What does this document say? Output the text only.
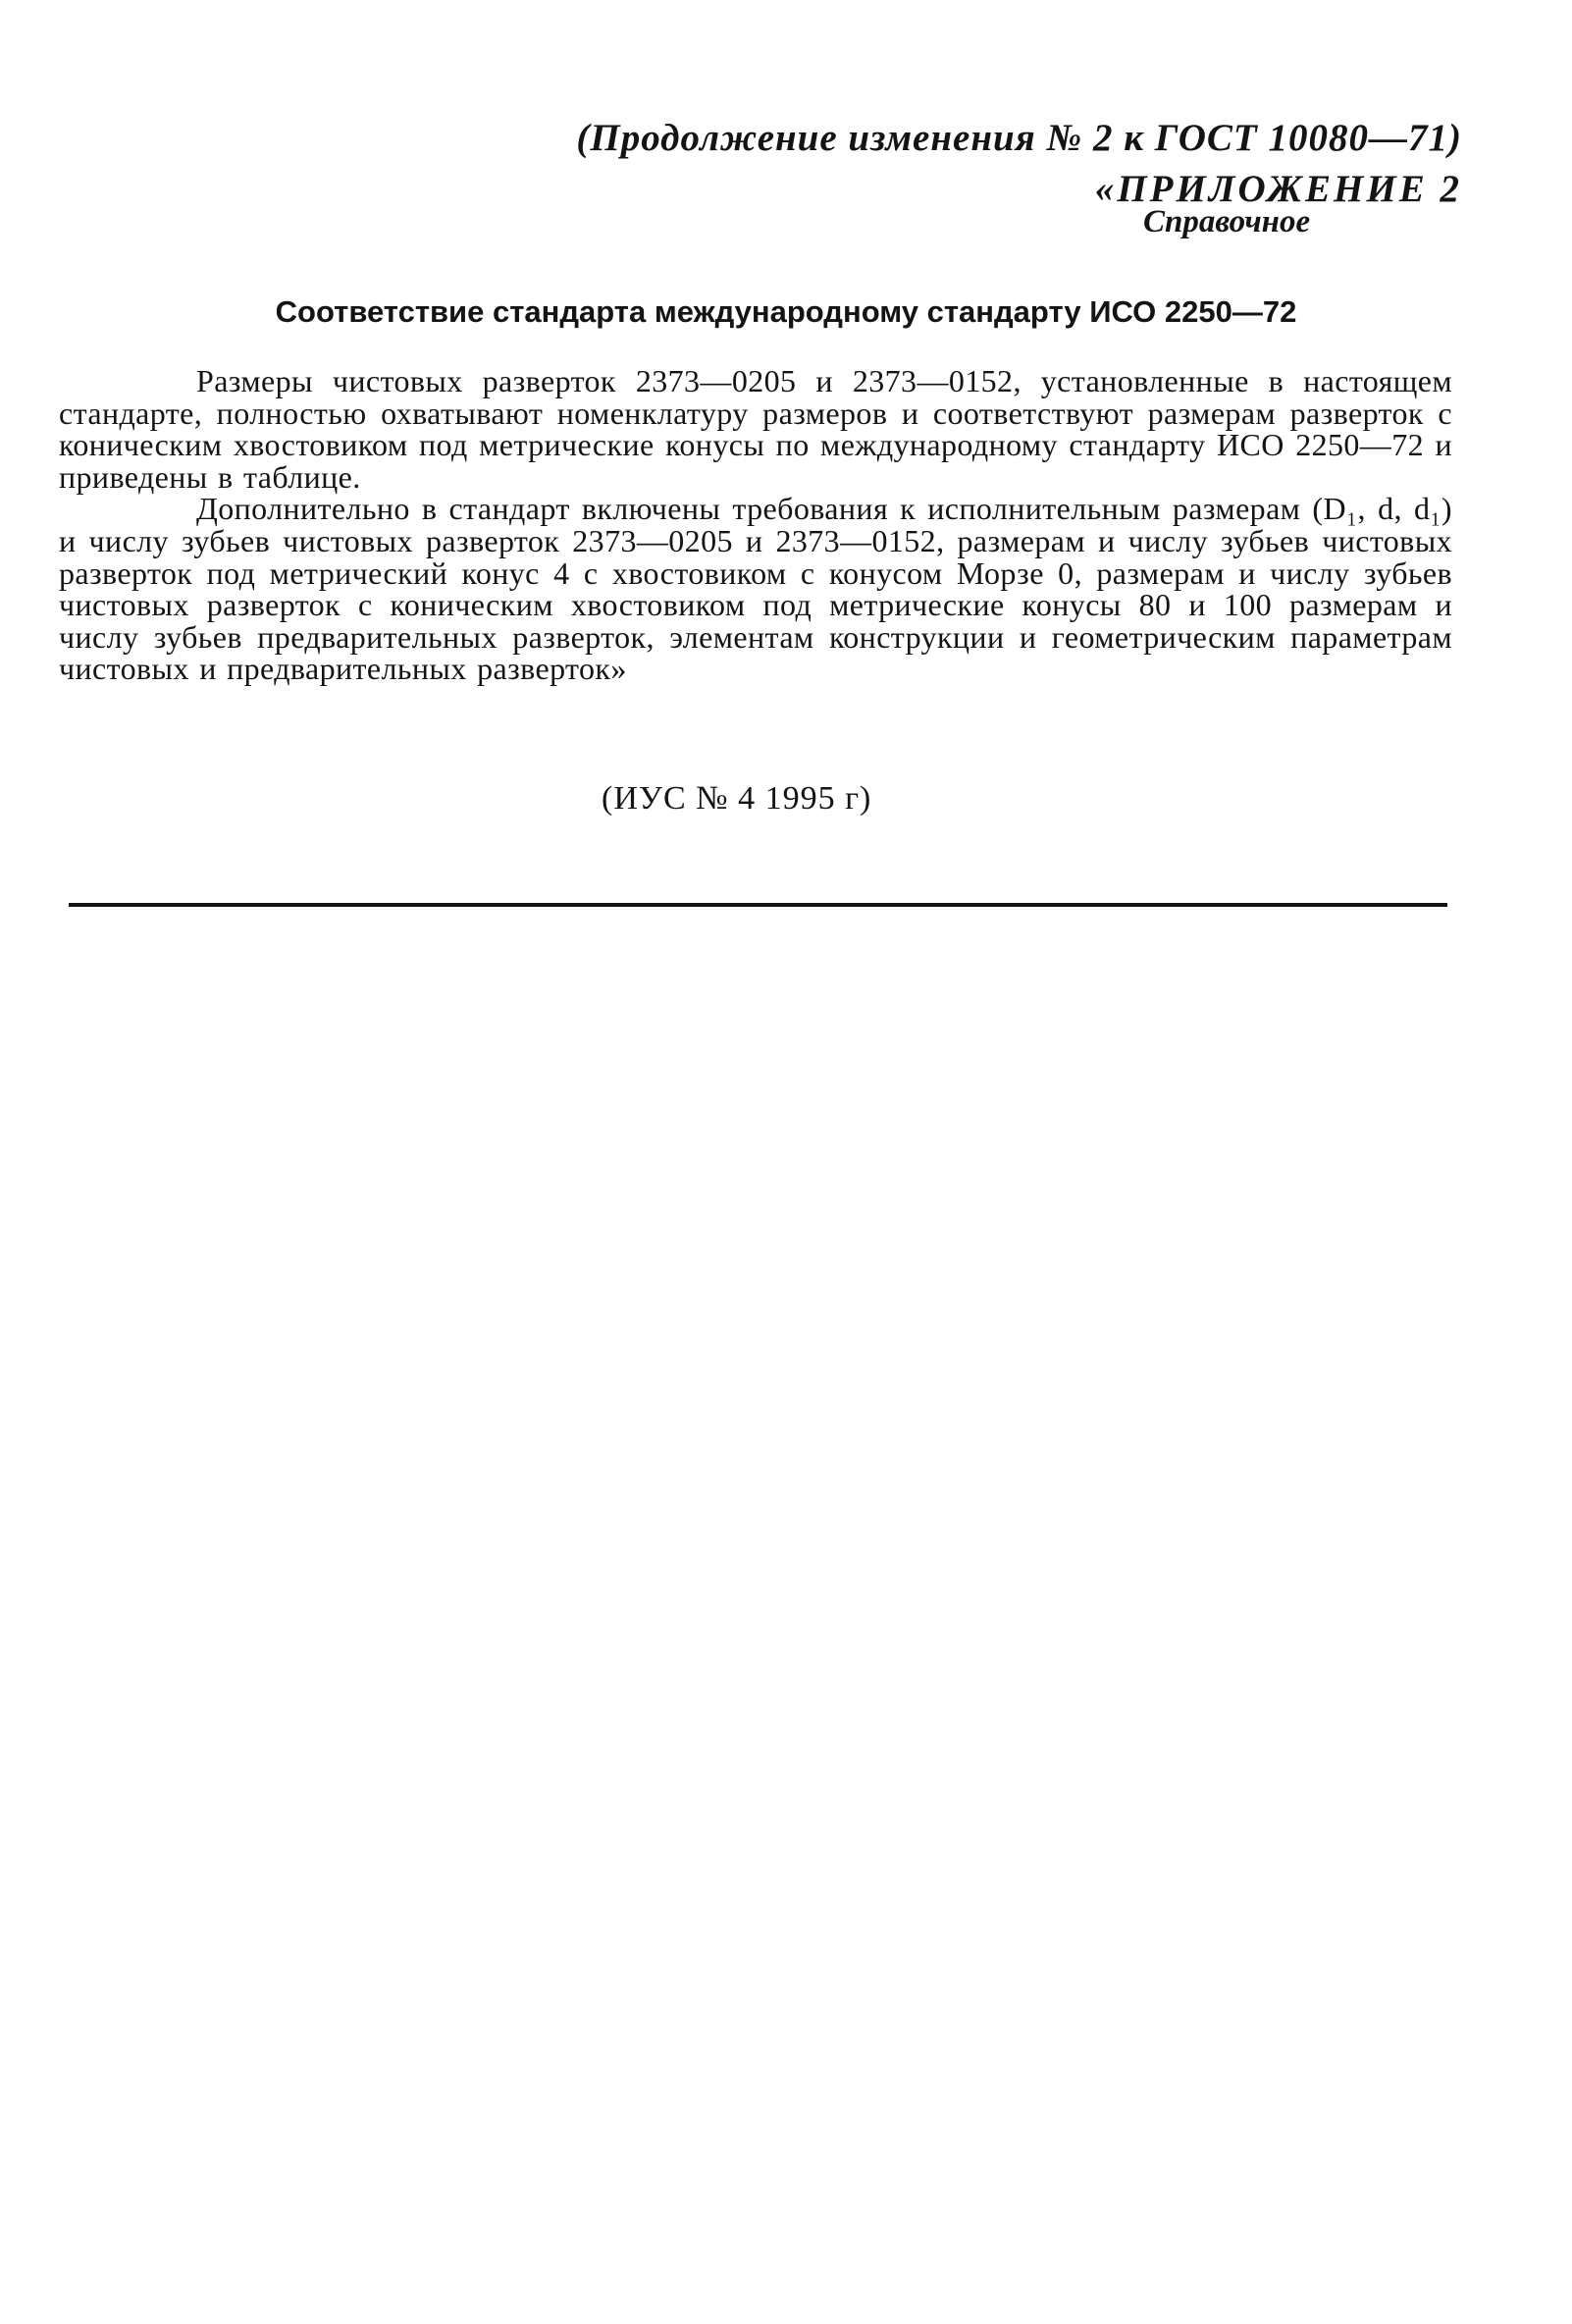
(Продолжение изменения № 2 к ГОСТ 10080—71)
«ПРИЛОЖЕНИЕ 2
Справочное
Соответствие стандарта международному стандарту ИСО 2250—72

Размеры чистовых разверток 2373—0205 и 2373—0152, установленные в настоящем стандарте, полностью охватывают номенклатуру размеров и соответствуют размерам разверток с коническим хвостовиком под метрические конусы по международному стандарту ИСО 2250—72 и приведены в таблице.

Дополнительно в стандарт включены требования к исполнительным размерам (D₁, d, d₁) и числу зубьев чистовых разверток 2373—0205 и 2373—0152, размерам и числу зубьев чистовых разверток под метрический конус 4 с хвостовиком с конусом Морзе 0, размерам и числу зубьев чистовых разверток с коническим хвостовиком под метрические конусы 80 и 100 размерам и числу зубьев предварительных разверток, элементам конструкции и геометрическим параметрам чистовых и предварительных разверток»

(ИУС № 4 1995 г)
